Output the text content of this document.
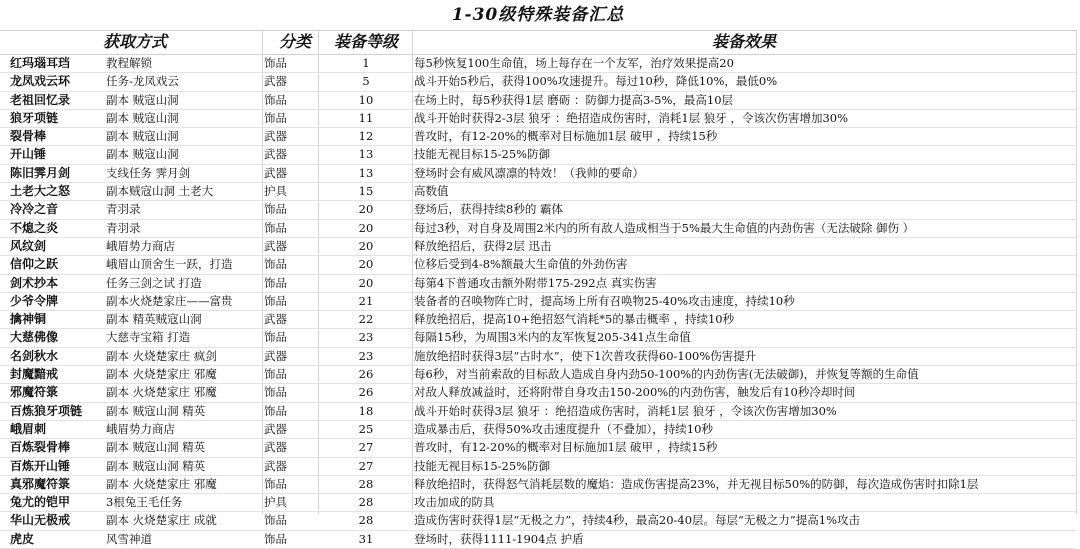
1-30级特殊装备汇总
获取方式	分类	装备等级	装备效果
红玛瑙耳珰	教程解锁	饰品	1	每5秒恢复100生命值，场上每存在一个友军，治疗效果提高20
龙凤戏云环	任务-龙凤戏云	武器	5	战斗开始5秒后，获得100%攻速提升。每过10秒，降低10%，最低0%
老祖回忆录	副本 贼寇山洞	饰品	10	在场上时，每5秒获得1层 磨砺 ：防御力提高3-5%，最高10层
狼牙项链	副本 贼寇山洞	饰品	11	战斗开始时获得2-3层 狼牙 ：绝招造成伤害时，消耗1层 狼牙 ，令该次伤害增加30%
裂骨棒	副本 贼寇山洞	武器	12	普攻时，有12-20%的概率对目标施加1层 破甲 ，持续15秒
开山锤	副本 贼寇山洞	武器	13	技能无视目标15-25%防御
陈旧霁月剑	支线任务 霁月剑	武器	13	登场时会有威风凛凛的特效！（我帅的要命）
土老大之怒	副本贼寇山洞 土老大	护具	15	高数值
冷冷之音	青羽录	饰品	20	登场后，获得持续8秒的 霸体
不熄之炎	青羽录	饰品	20	每过3秒，对自身及周围2米内的所有敌人造成相当于5%最大生命值的内劲伤害（无法破除 御伤 ）
风纹剑	峨眉势力商店	武器	20	释放绝招后，获得2层 迅击
信仰之跃	峨眉山顶舍生一跃，打造	饰品	20	位移后受到4-8%额最大生命值的外劲伤害
剑术抄本	任务三剑之试 打造	饰品	20	每第4下普通攻击额外附带175-292点 真实伤害
少爷令牌	副本火烧楚家庄——富贵	饰品	21	装备者的召唤物阵亡时，提高场上所有召唤物25-40%攻击速度，持续10秒
擒神铜	副本 精英贼寇山洞	武器	22	释放绝招后，提高10+绝招怒气消耗*5的暴击概率 ，持续10秒
大慈佛像	大慈寺宝箱 打造	饰品	23	每隔15秒，为周围3米内的友军恢复205-341点生命值
名剑秋水	副本 火烧楚家庄 疯剑	武器	23	施放绝招时获得3层“古时水”，使下1次普攻获得60-100%伤害提升
封魔黯戒	副本 火烧楚家庄 邪魔	饰品	26	每6秒，对当前索敌的目标敌人造成自身内劲50-100%的内劲伤害(无法破御)，并恢复等额的生命值
邪魔符箓	副本 火烧楚家庄 邪魔	饰品	26	对敌人释放减益时，还将附带自身攻击150-200%的内劲伤害，触发后有10秒冷却时间
百炼狼牙项链	副本 贼寇山洞 精英	饰品	18	战斗开始时获得3层 狼牙 ：绝招造成伤害时，消耗1层 狼牙 ，令该次伤害增加30%
峨眉刺	峨眉势力商店	武器	25	造成暴击后，获得50%攻击速度提升（不叠加），持续10秒
百炼裂骨棒	副本 贼寇山洞 精英	武器	27	普攻时，有12-20%的概率对目标施加1层 破甲 ，持续15秒
百炼开山锤	副本 贼寇山洞 精英	武器	27	技能无视目标15-25%防御
真邪魔符箓	副本 火烧楚家庄 邪魔	饰品	28	释放绝招时，获得怒气消耗层数的魔焰：造成伤害提高23%，并无视目标50%的防御，每次造成伤害时扣除1层
兔尤的铠甲	3根兔王毛任务	护具	28	攻击加成的防具
华山无极戒	副本 火烧楚家庄 成就	饰品	28	造成伤害时获得1层“无极之力”，持续4秒，最高20-40层。每层“无极之力”提高1%攻击
虎皮	风雪神道	饰品	31	登场时，获得1111-1904点 护盾
